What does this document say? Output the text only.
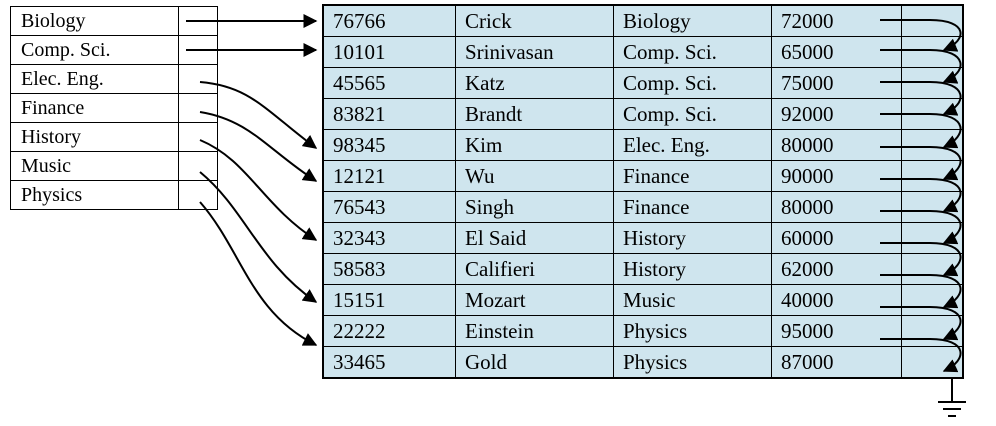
Biology	
Comp. Sci.	
Elec. Eng.	
Finance	
History	
Music	
Physics	
76766	Crick	Biology	72000	
10101	Srinivasan	Comp. Sci.	65000	
45565	Katz	Comp. Sci.	75000	
83821	Brandt	Comp. Sci.	92000	
98345	Kim	Elec. Eng.	80000	
12121	Wu	Finance	90000	
76543	Singh	Finance	80000	
32343	El Said	History	60000	
58583	Califieri	History	62000	
15151	Mozart	Music	40000	
22222	Einstein	Physics	95000	
33465	Gold	Physics	87000	
